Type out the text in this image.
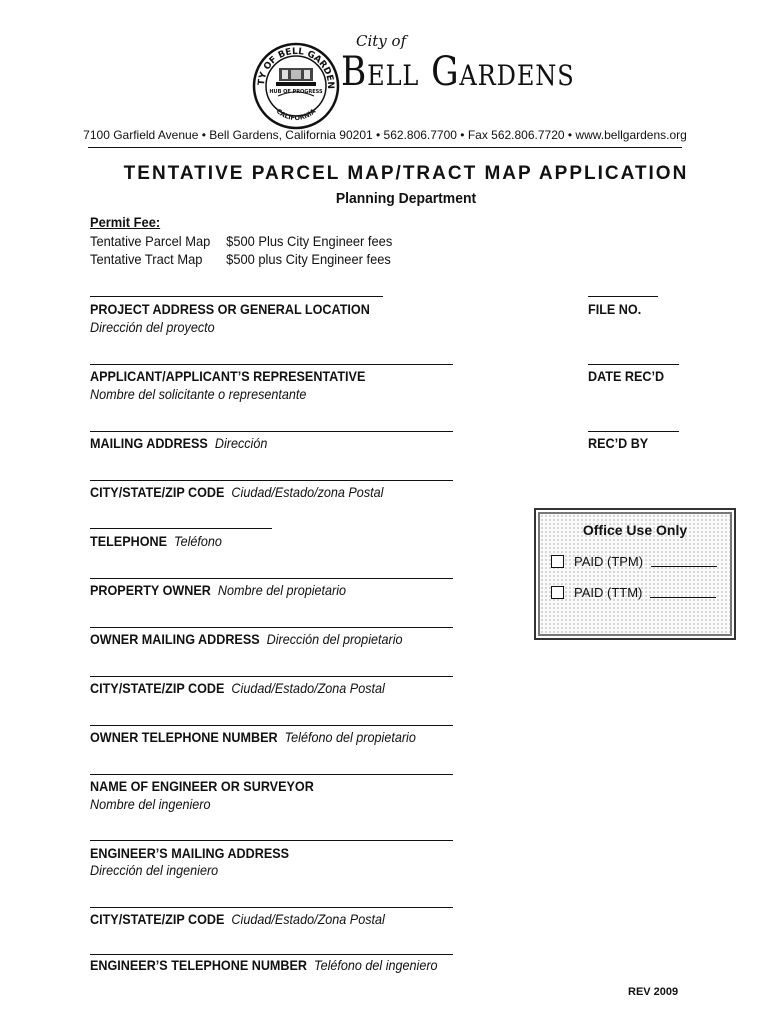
TY OF BELL GARDEN
CALIFORNIA
HUB OF PROGRESS
City of
Bell Gardens
7100 Garfield Avenue • Bell Gardens, California 90201 • 562.806.7700 • Fax 562.806.7720 • www.bellgardens.org
TENTATIVE PARCEL MAP/TRACT MAP APPLICATION
Planning Department
Permit Fee:
Tentative Parcel Map $500 Plus City Engineer fees
Tentative Tract Map $500 plus City Engineer fees
PROJECT ADDRESS OR GENERAL LOCATION
Dirección del proyecto
APPLICANT/APPLICANT’S REPRESENTATIVE
Nombre del solicitante o representante
MAILING ADDRESS Dirección
CITY/STATE/ZIP CODE Ciudad/Estado/zona Postal
TELEPHONE Teléfono
PROPERTY OWNER Nombre del propietario
OWNER MAILING ADDRESS Dirección del propietario
CITY/STATE/ZIP CODE Ciudad/Estado/Zona Postal
OWNER TELEPHONE NUMBER Teléfono del propietario
NAME OF ENGINEER OR SURVEYOR
Nombre del ingeniero
ENGINEER’S MAILING ADDRESS
Dirección del ingeniero
CITY/STATE/ZIP CODE Ciudad/Estado/Zona Postal
ENGINEER’S TELEPHONE NUMBER Teléfono del ingeniero
FILE NO.
DATE REC’D
REC’D BY
Office Use Only
PAID (TPM)
PAID (TTM)
REV 2009
